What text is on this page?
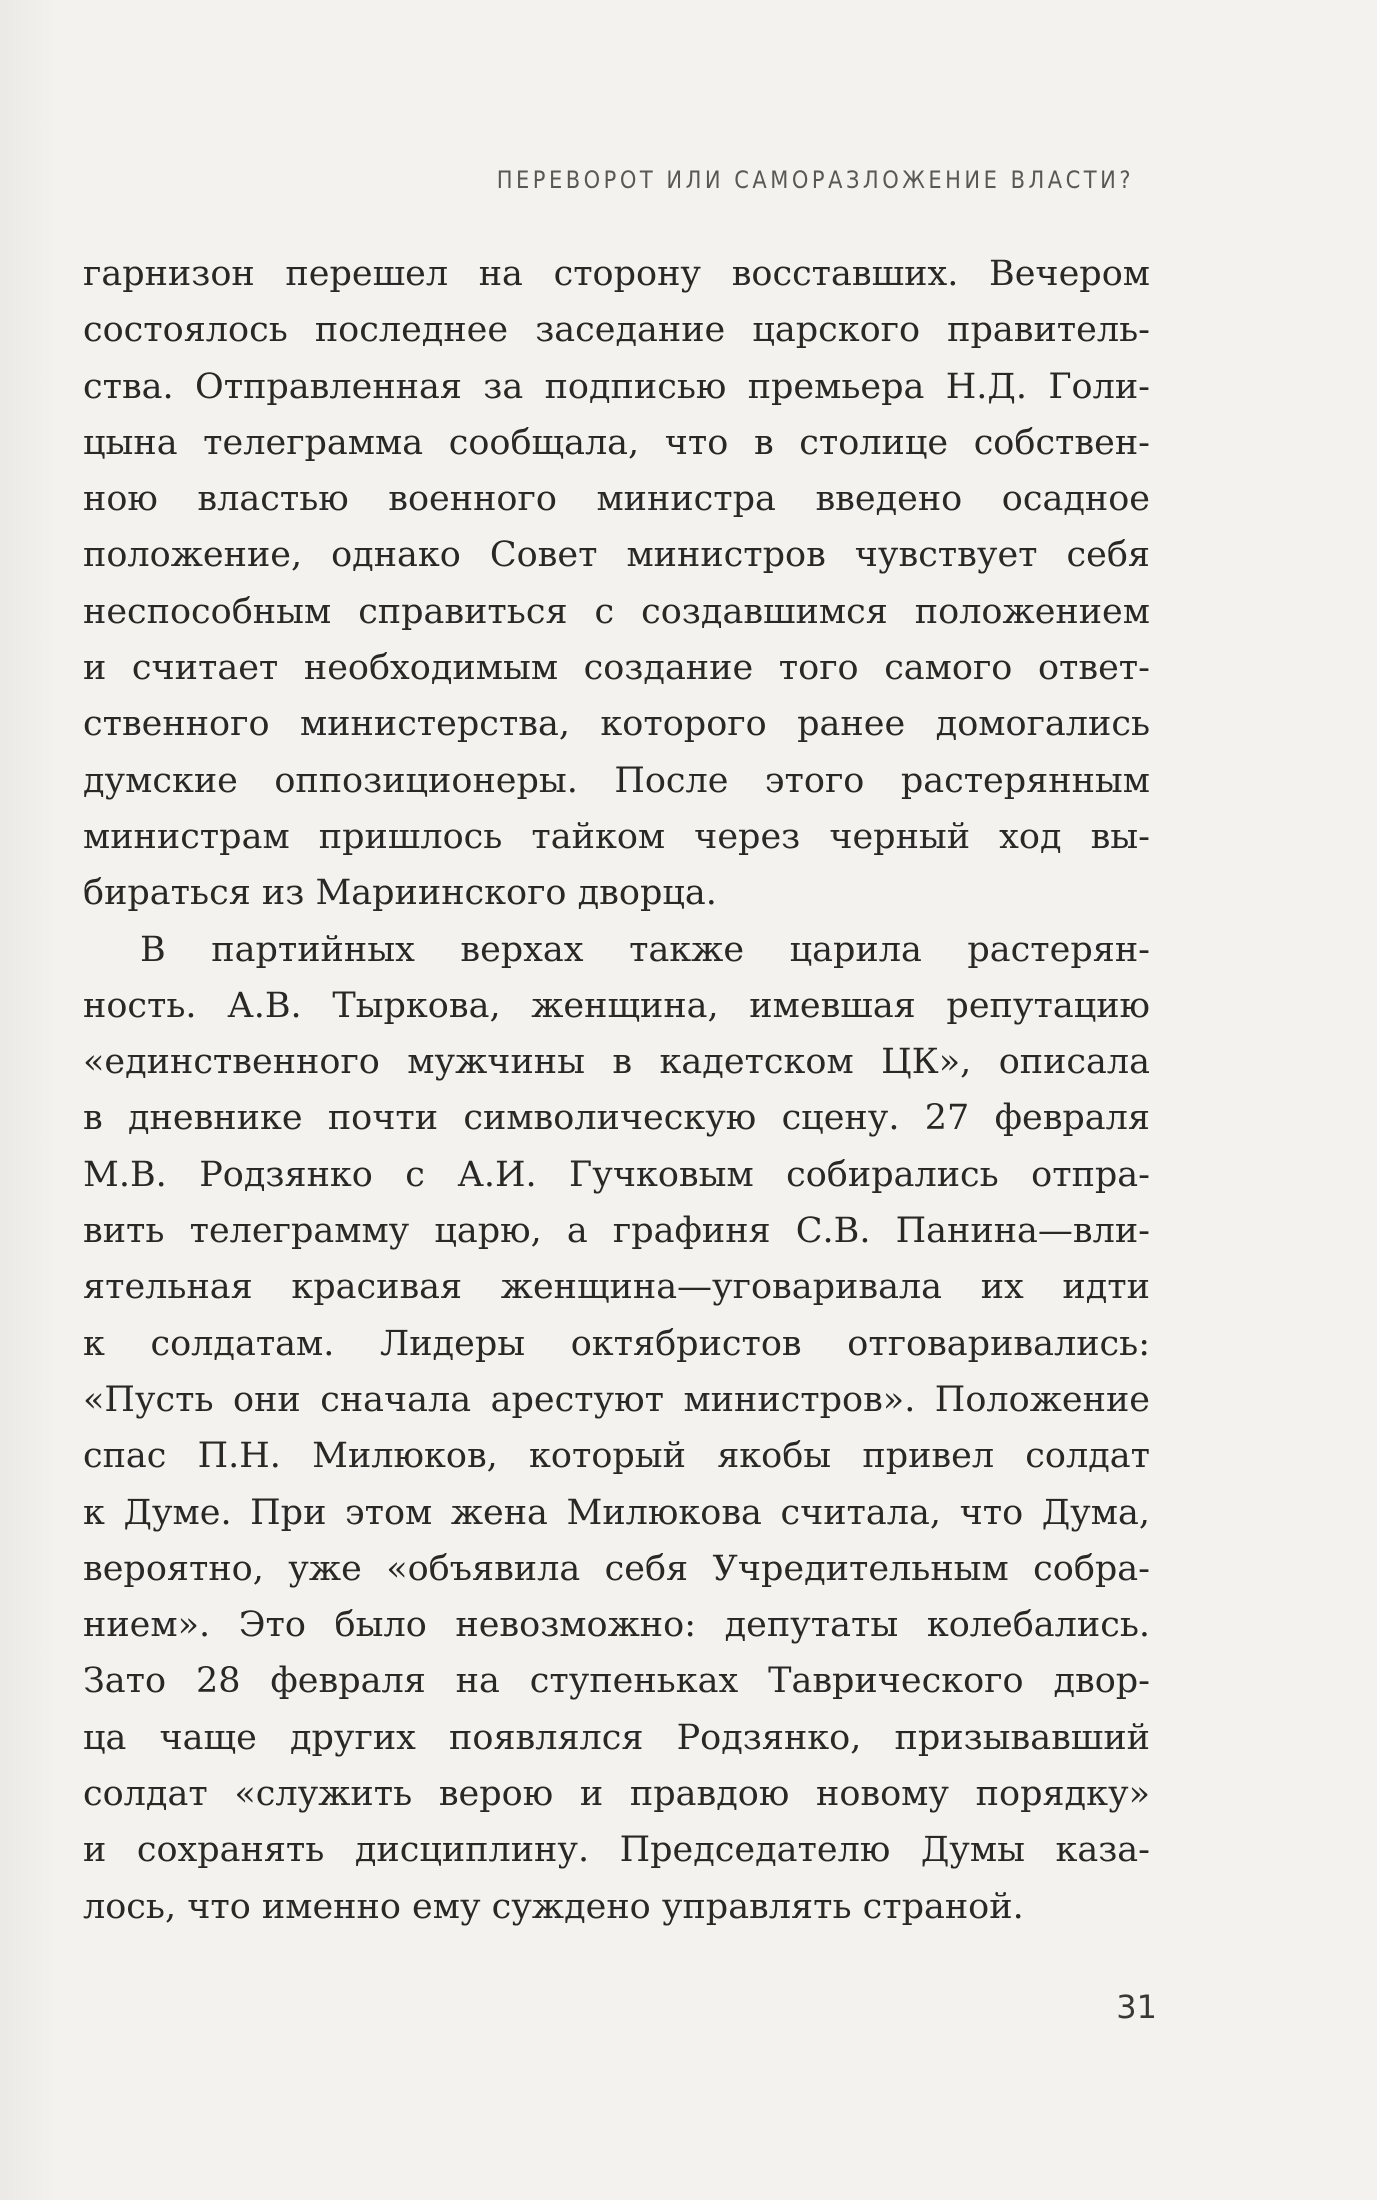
ПЕРЕВОРОТ ИЛИ САМОРАЗЛОЖЕНИЕ ВЛАСТИ?
гарнизон перешел на сторону восставших. Вечером
состоялось последнее заседание царского правитель-
ства. Отправленная за подписью премьера Н.Д. Голи-
цына телеграмма сообщала, что в столице собствен-
ною властью военного министра введено осадное
положение, однако Совет министров чувствует себя
неспособным справиться с создавшимся положением
и считает необходимым создание того самого ответ-
ственного министерства, которого ранее домогались
думские оппозиционеры. После этого растерянным
министрам пришлось тайком через черный ход вы-
бираться из Мариинского дворца.
В партийных верхах также царила растерян-
ность. А.В. Тыркова, женщина, имевшая репутацию
«единственного мужчины в кадетском ЦК», описала
в дневнике почти символическую сцену. 27 февраля
М.В. Родзянко с А.И. Гучковым собирались отпра-
вить телеграмму царю, а графиня С.В. Панина—вли-
ятельная красивая женщина—уговаривала их идти
к солдатам. Лидеры октябристов отговаривались:
«Пусть они сначала арестуют министров». Положение
спас П.Н. Милюков, который якобы привел солдат
к Думе. При этом жена Милюкова считала, что Дума,
вероятно, уже «объявила себя Учредительным собра-
нием». Это было невозможно: депутаты колебались.
Зато 28 февраля на ступеньках Таврического двор-
ца чаще других появлялся Родзянко, призывавший
солдат «служить верою и правдою новому порядку»
и сохранять дисциплину. Председателю Думы каза-
лось, что именно ему суждено управлять страной.
31
